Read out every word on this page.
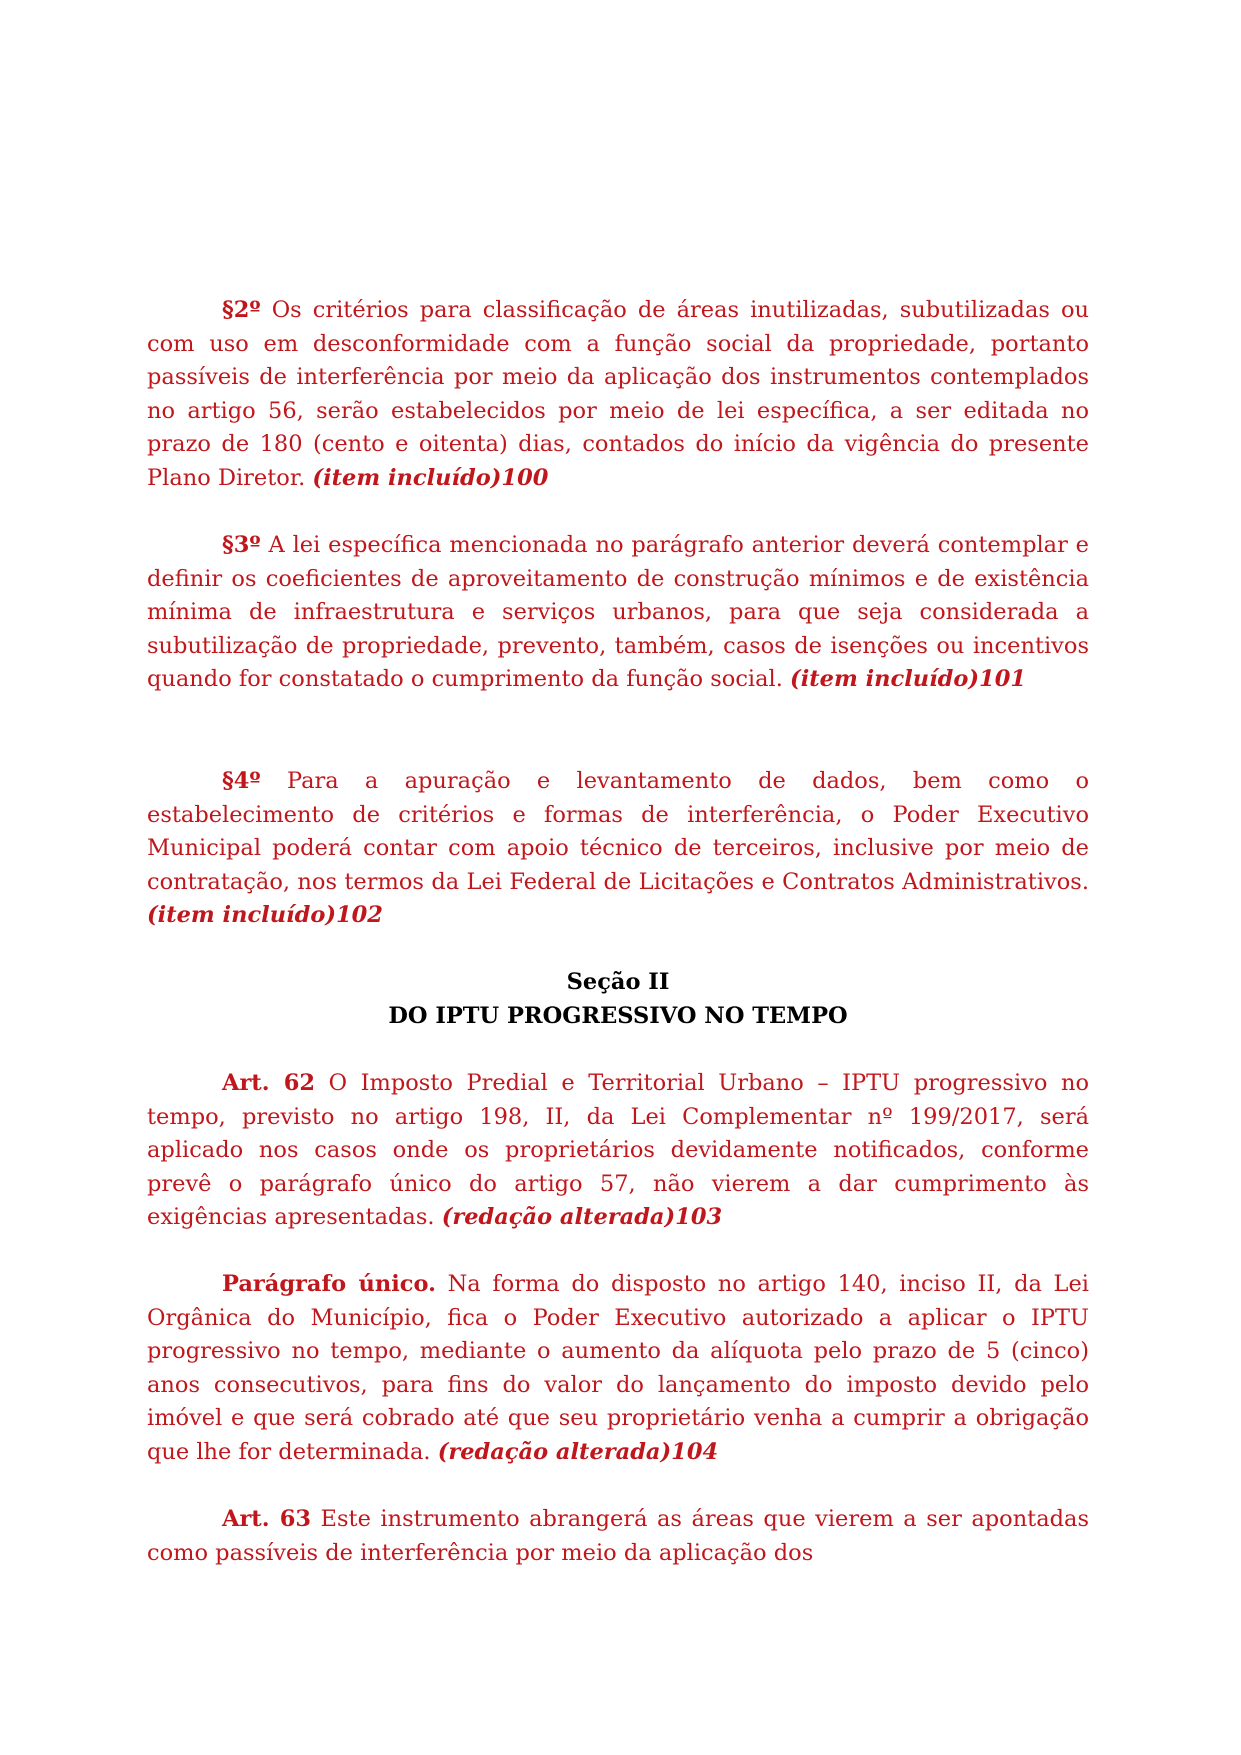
§2º Os critérios para classificação de áreas inutilizadas, subutilizadas ou com uso em desconformidade com a função social da propriedade, portanto passíveis de interferência por meio da aplicação dos instrumentos contemplados no artigo 56, serão estabelecidos por meio de lei específica, a ser editada no prazo de 180 (cento e oitenta) dias, contados do início da vigência do presente Plano Diretor. (item incluído)100

§3º A lei específica mencionada no parágrafo anterior deverá contemplar e definir os coeficientes de aproveitamento de construção mínimos e de existência mínima de infraestrutura e serviços urbanos, para que seja considerada a subutilização de propriedade, prevento, também, casos de isenções ou incentivos quando for constatado o cumprimento da função social. (item incluído)101

§4º Para a apuração e levantamento de dados, bem como o estabelecimento de critérios e formas de interferência, o Poder Executivo Municipal poderá contar com apoio técnico de terceiros, inclusive por meio de contratação, nos termos da Lei Federal de Licitações e Contratos Administrativos. (item incluído)102

Seção II

DO IPTU PROGRESSIVO NO TEMPO

Art. 62 O Imposto Predial e Territorial Urbano – IPTU progressivo no tempo, previsto no artigo 198, II, da Lei Complementar nº 199/2017, será aplicado nos casos onde os proprietários devidamente notificados, conforme prevê o parágrafo único do artigo 57, não vierem a dar cumprimento às exigências apresentadas. (redação alterada)103

Parágrafo único. Na forma do disposto no artigo 140, inciso II, da Lei Orgânica do Município, fica o Poder Executivo autorizado a aplicar o IPTU progressivo no tempo, mediante o aumento da alíquota pelo prazo de 5 (cinco) anos consecutivos, para fins do valor do lançamento do imposto devido pelo imóvel e que será cobrado até que seu proprietário venha a cumprir a obrigação que lhe for determinada. (redação alterada)104

Art. 63 Este instrumento abrangerá as áreas que vierem a ser apontadas como passíveis de interferência por meio da aplicação dos
